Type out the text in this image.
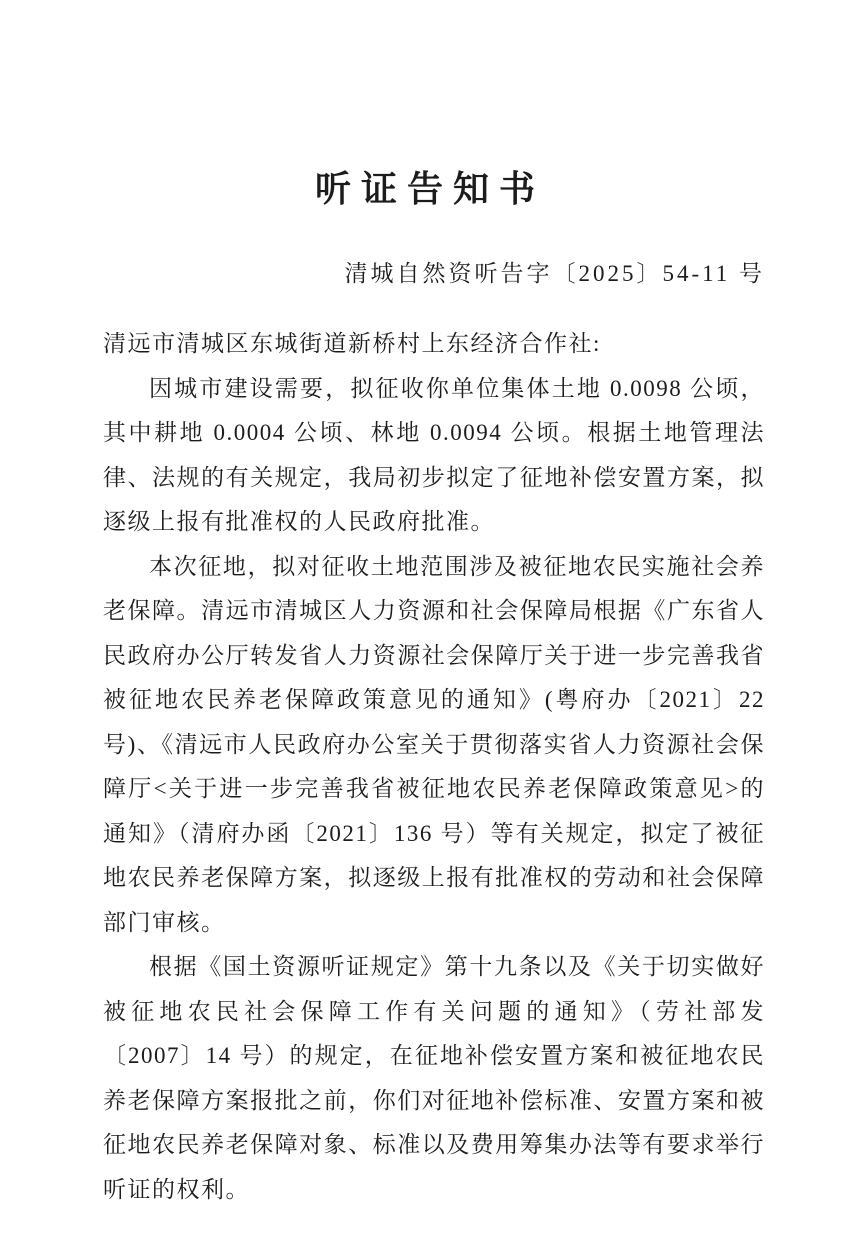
听证告知书
清城自然资听告字〔2025〕54-11 号

清远市清城区东城街道新桥村上东经济合作社:

因城市建设需要，拟征收你单位集体土地 0.0098 公顷，其中耕地 0.0004 公顷、林地 0.0094 公顷。根据土地管理法律、法规的有关规定，我局初步拟定了征地补偿安置方案，拟逐级上报有批准权的人民政府批准。

本次征地，拟对征收土地范围涉及被征地农民实施社会养老保障。清远市清城区人力资源和社会保障局根据《广东省人民政府办公厅转发省人力资源社会保障厅关于进一步完善我省被征地农民养老保障政策意见的通知》(粤府办〔2021〕22 号)、《清远市人民政府办公室关于贯彻落实省人力资源社会保障厅<关于进一步完善我省被征地农民养老保障政策意见>的通知》（清府办函〔2021〕136 号）等有关规定，拟定了被征地农民养老保障方案，拟逐级上报有批准权的劳动和社会保障部门审核。

根据《国土资源听证规定》第十九条以及《关于切实做好被征地农民社会保障工作有关问题的通知》（劳社部发〔2007〕14 号）的规定，在征地补偿安置方案和被征地农民养老保障方案报批之前，你们对征地补偿标准、安置方案和被征地农民养老保障对象、标准以及费用筹集办法等有要求举行听证的权利。
